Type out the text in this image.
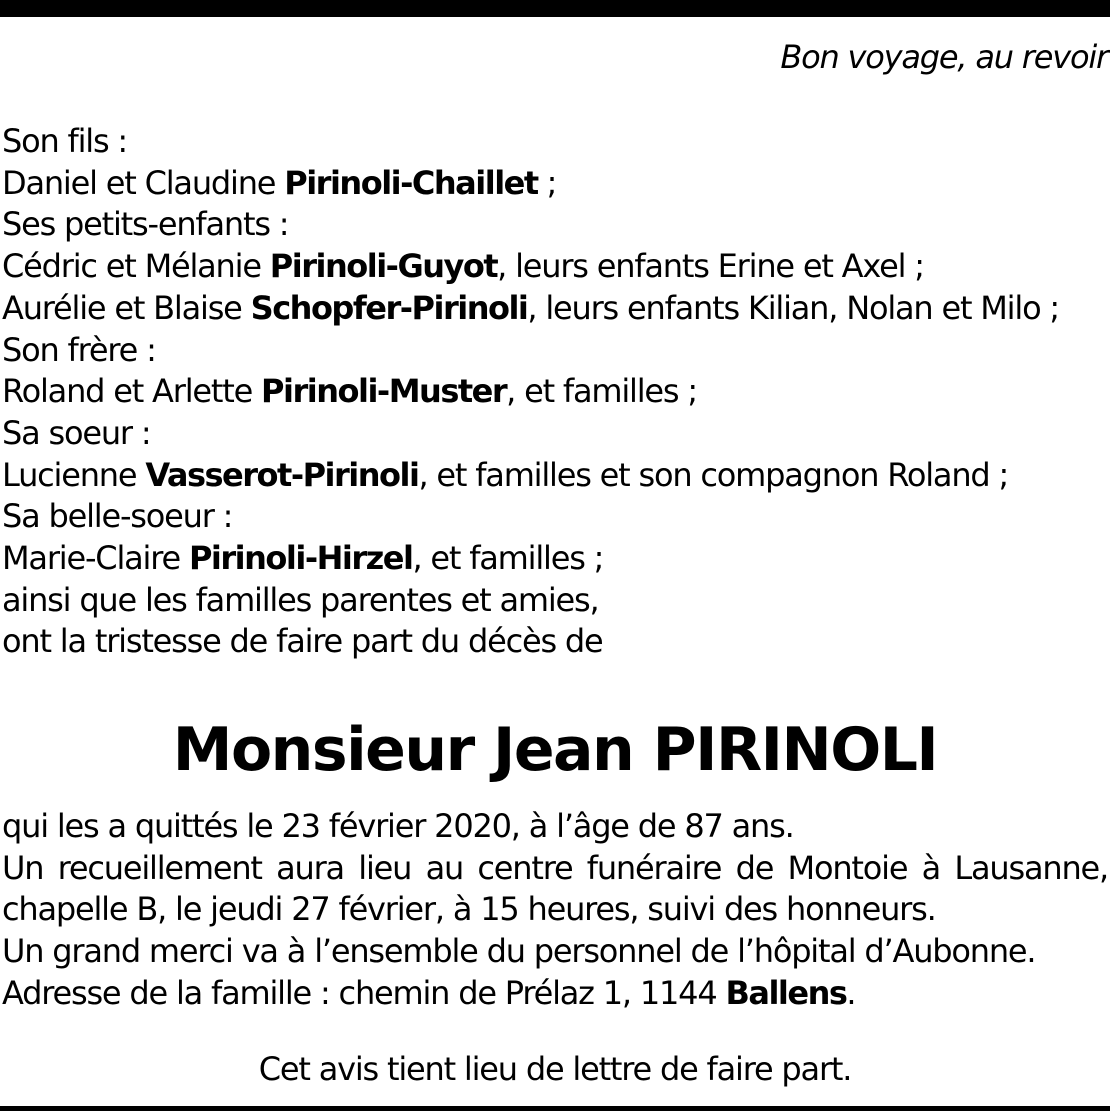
Bon voyage, au revoir
Son fils :
Daniel et Claudine Pirinoli-Chaillet ;
Ses petits-enfants :
Cédric et Mélanie Pirinoli-Guyot, leurs enfants Erine et Axel ;
Aurélie et Blaise Schopfer-Pirinoli, leurs enfants Kilian, Nolan et Milo ;
Son frère :
Roland et Arlette Pirinoli-Muster, et familles ;
Sa soeur :
Lucienne Vasserot-Pirinoli, et familles et son compagnon Roland ;
Sa belle-soeur :
Marie-Claire Pirinoli-Hirzel, et familles ;
ainsi que les familles parentes et amies,
ont la tristesse de faire part du décès de
Monsieur Jean PIRINOLI
qui les a quittés le 23 février 2020, à l’âge de 87 ans.
Un recueillement aura lieu au centre funéraire de Montoie à Lausanne,
chapelle B, le jeudi 27 février, à 15 heures, suivi des honneurs.
Un grand merci va à l’ensemble du personnel de l’hôpital d’Aubonne.
Adresse de la famille : chemin de Prélaz 1, 1144 Ballens.
Cet avis tient lieu de lettre de faire part.
